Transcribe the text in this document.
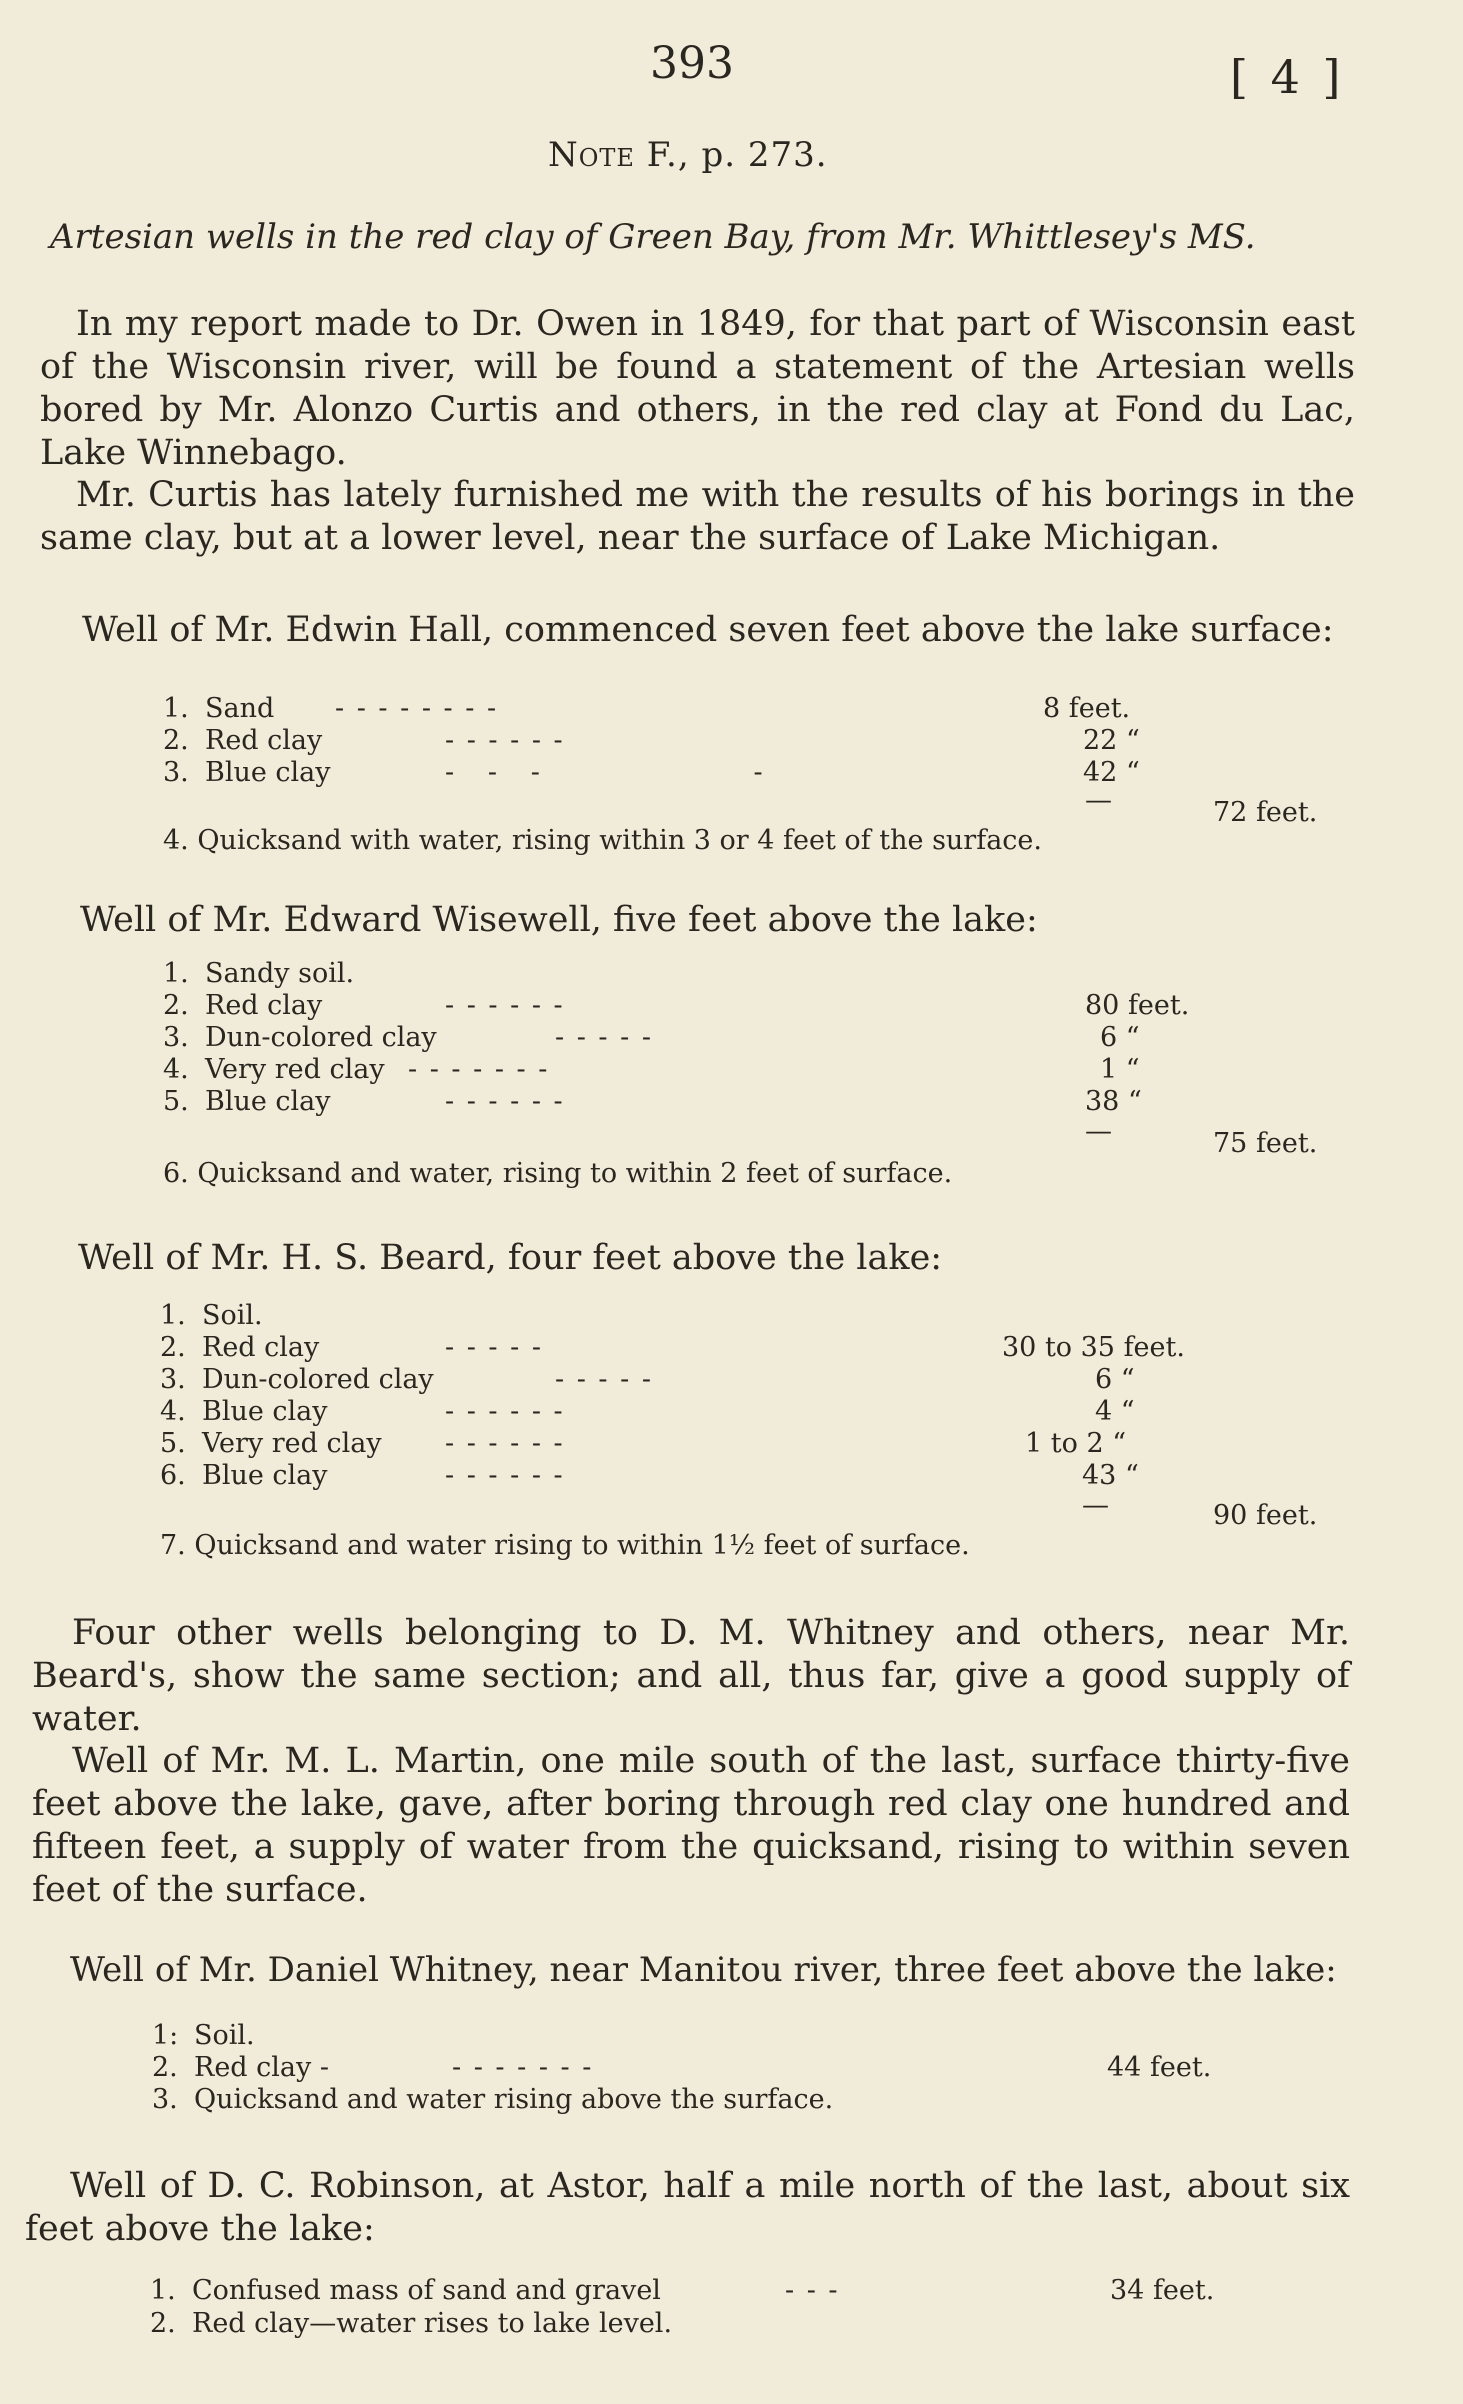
393	[ 4 ]
Note F., p. 273.
Artesian wells in the red clay of Green Bay, from Mr. Whittlesey's MS.
In my report made to Dr. Owen in 1849, for that part of Wisconsin east of the Wisconsin river, will be found a statement of the Artesian wells bored by Mr. Alonzo Curtis and others, in the red clay at Fond du Lac, Lake Winnebago.
Mr. Curtis has lately furnished me with the results of his borings in the same clay, but at a lower level, near the surface of Lake Michigan.
Well of Mr. Edwin Hall, commenced seven feet above the lake surface:
1. Sand - - - - - - - -	8 feet.
2. Red clay	- - - - - -	22 “
3. Blue clay	-   -   -                    -	42 “
—	72 feet.
4. Quicksand with water, rising within 3 or 4 feet of the surface.
Well of Mr. Edward Wisewell, five feet above the lake:
1. Sandy soil.
2. Red clay	- - - - - -	80 feet.
3. Dun-colored clay	- - - - -	6 “
4. Very red clay - - - - - - -	1 “
5. Blue clay	- - - - - -	38 “
—	75 feet.
6. Quicksand and water, rising to within 2 feet of surface.
Well of Mr. H. S. Beard, four feet above the lake:
1. Soil.
2. Red clay	- - - - -	30 to 35 feet.
3. Dun-colored clay	- - - - -	6 “
4. Blue clay	- - - - - -	4 “
5. Very red clay - - - - - -	1 to 2 “
6. Blue clay	- - - - - -	43 “
—	90 feet.
7. Quicksand and water rising to within 1½ feet of surface.
Four other wells belonging to D. M. Whitney and others, near Mr. Beard's, show the same section; and all, thus far, give a good supply of water.
Well of Mr. M. L. Martin, one mile south of the last, surface thirty-five feet above the lake, gave, after boring through red clay one hundred and fifteen feet, a supply of water from the quicksand, rising to within seven feet of the surface.
Well of Mr. Daniel Whitney, near Manitou river, three feet above the lake:
1: Soil.
2. Red clay -	- - - - - - -	44 feet.
3. Quicksand and water rising above the surface.
Well of D. C. Robinson, at Astor, half a mile north of the last, about six feet above the lake:
1. Confused mass of sand and gravel	- - -	34 feet.
2. Red clay—water rises to lake level.
